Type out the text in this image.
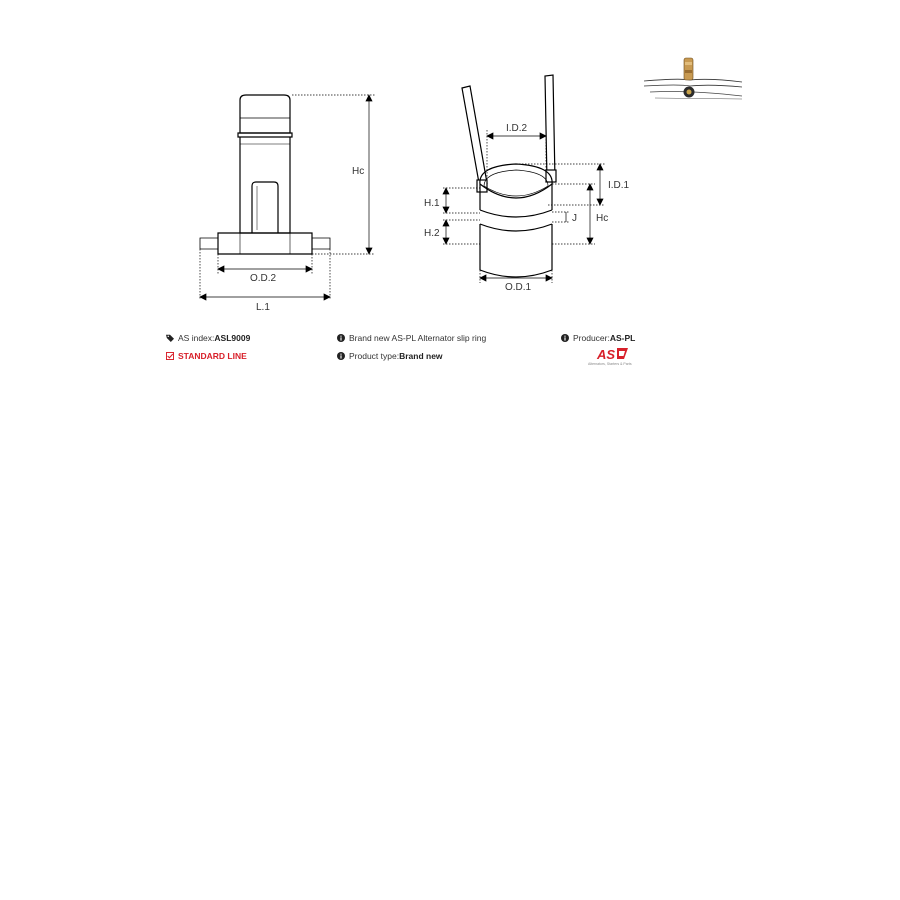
Hc
O.D.2
L.1
I.D.2
I.D.1
H.1
H.2
J Hc
O.D.1
AS index: ASL9009
STANDARD LINE
Brand new AS-PL Alternator slip ring
Product type: Brand new
Producer: AS-PL
AS
Alternators, Starters & Parts
